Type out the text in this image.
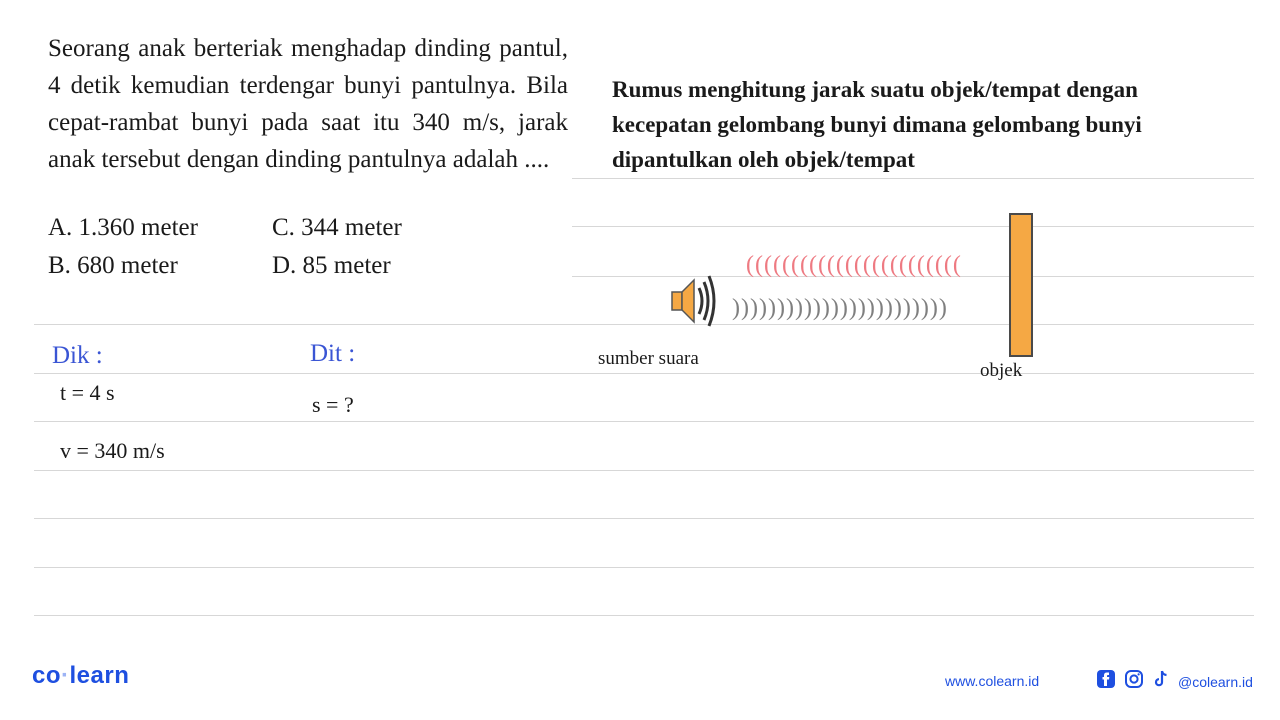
Seorang anak berteriak menghadap dinding pantul, 4 detik kemudian terdengar bunyi pantulnya. Bila cepat-rambat bunyi pada saat itu 340 m/s, jarak anak tersebut dengan dinding pantulnya adalah ....
A. 1.360 meter	C. 344 meter
B. 680 meter	D. 85 meter
Rumus menghitung jarak suatu objek/tempat dengan kecepatan gelombang bunyi dimana gelombang bunyi dipantulkan oleh objek/tempat
((((((((((((((((((((((((
))))))))))))))))))))))))
sumber suara
objek
Dik :
t = 4 s
v = 340 m/s
Dit :
s = ?
co·learn	www.colearn.id	@colearn.id
